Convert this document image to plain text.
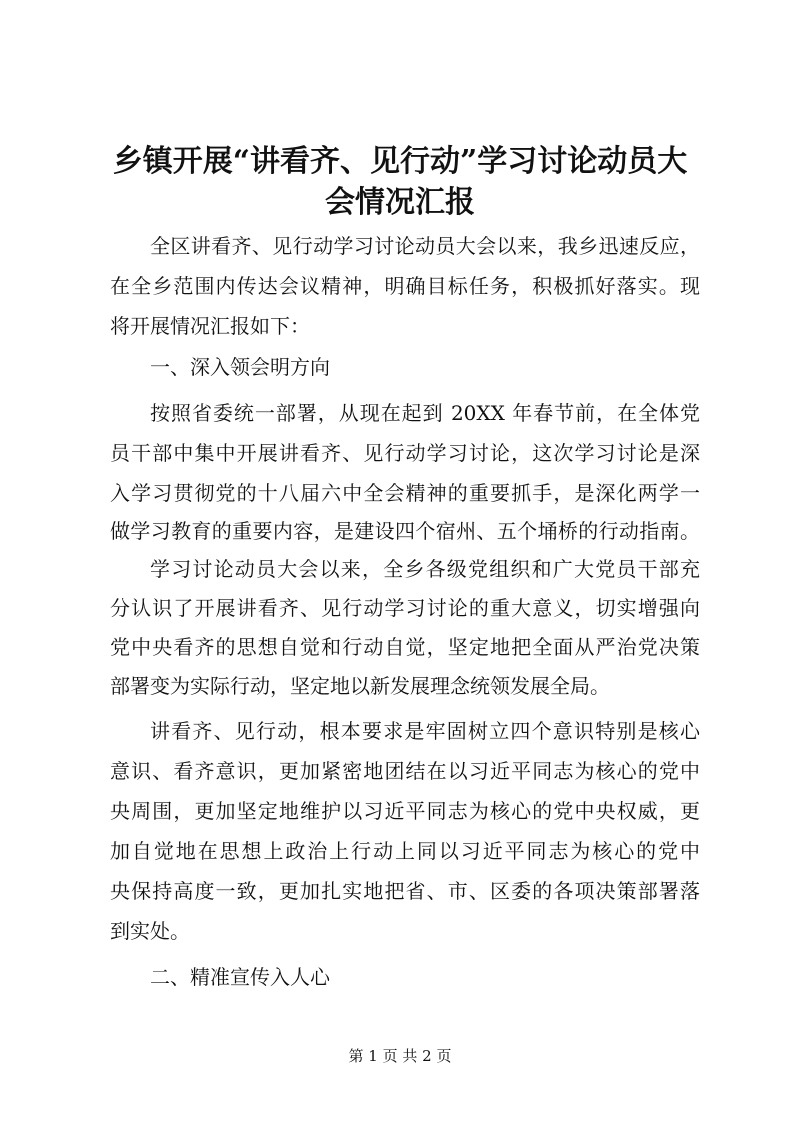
乡镇开展“讲看齐、见行动”学习讨论动员大
会情况汇报
全区讲看齐、见行动学习讨论动员大会以来，我乡迅速反应，
在全乡范围内传达会议精神，明确目标任务，积极抓好落实。现
将开展情况汇报如下：
一、深入领会明方向
按照省委统一部署，从现在起到 20XX 年春节前，在全体党
员干部中集中开展讲看齐、见行动学习讨论，这次学习讨论是深
入学习贯彻党的十八届六中全会精神的重要抓手，是深化两学一
做学习教育的重要内容，是建设四个宿州、五个埇桥的行动指南。
学习讨论动员大会以来，全乡各级党组织和广大党员干部充
分认识了开展讲看齐、见行动学习讨论的重大意义，切实增强向
党中央看齐的思想自觉和行动自觉，坚定地把全面从严治党决策
部署变为实际行动，坚定地以新发展理念统领发展全局。
讲看齐、见行动，根本要求是牢固树立四个意识特别是核心
意识、看齐意识，更加紧密地团结在以习近平同志为核心的党中
央周围，更加坚定地维护以习近平同志为核心的党中央权威，更
加自觉地在思想上政治上行动上同以习近平同志为核心的党中
央保持高度一致，更加扎实地把省、市、区委的各项决策部署落
到实处。
二、精准宣传入人心
第 1 页 共 2 页
